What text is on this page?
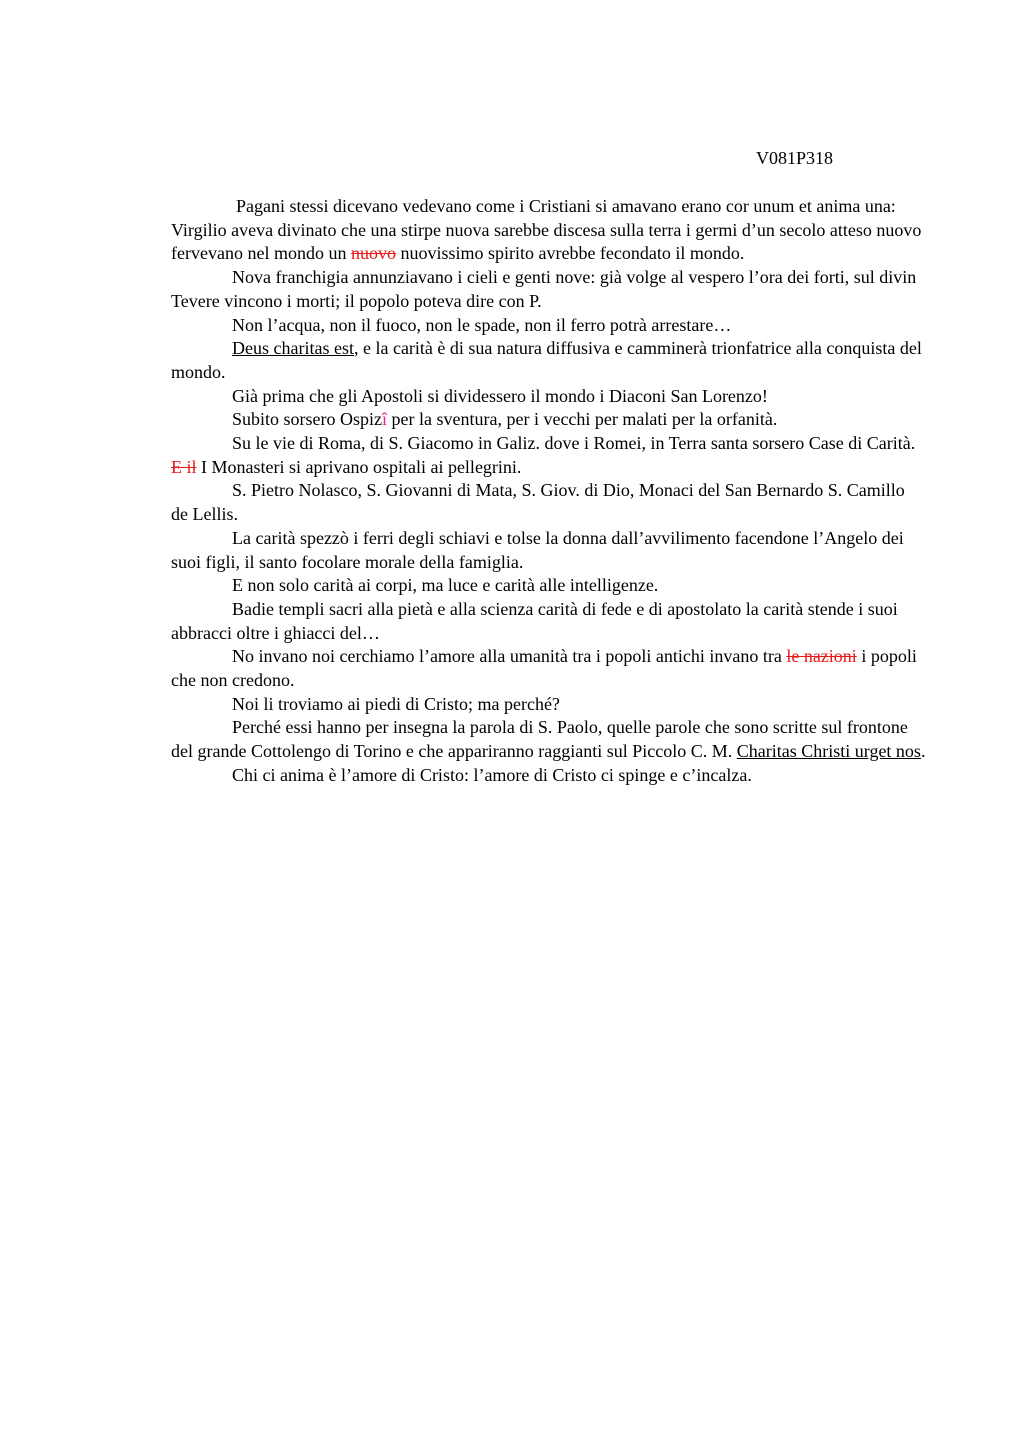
V081P318

Pagani stessi dicevano vedevano come i Cristiani si amavano erano cor unum et anima una: Virgilio aveva divinato che una stirpe nuova sarebbe discesa sulla terra i germi d’un secolo atteso nuovo fervevano nel mondo un nuovo nuovissimo spirito avrebbe fecondato il mondo.

Nova franchigia annunziavano i cieli e genti nove: già volge al vespero l’ora dei forti, sul divin Tevere vincono i morti; il popolo poteva dire con P.

Non l’acqua, non il fuoco, non le spade, non il ferro potrà arrestare…

Deus charitas est, e la carità è di sua natura diffusiva e camminerà trionfatrice alla conquista del mondo.

Già prima che gli Apostoli si dividessero il mondo i Diaconi San Lorenzo!

Subito sorsero Ospizî per la sventura, per i vecchi per malati per la orfanità.

Su le vie di Roma, di S. Giacomo in Galiz. dove i Romei, in Terra santa sorsero Case di Carità. E il I Monasteri si aprivano ospitali ai pellegrini.

S. Pietro Nolasco, S. Giovanni di Mata, S. Giov. di Dio, Monaci del San Bernardo S. Camillo de Lellis.

La carità spezzò i ferri degli schiavi e tolse la donna dall’avvilimento facendone l’Angelo dei suoi figli, il santo focolare morale della famiglia.

E non solo carità ai corpi, ma luce e carità alle intelligenze.

Badie templi sacri alla pietà e alla scienza carità di fede e di apostolato la carità stende i suoi abbracci oltre i ghiacci del…

No invano noi cerchiamo l’amore alla umanità tra i popoli antichi invano tra le nazioni i popoli che non credono.

Noi li troviamo ai piedi di Cristo; ma perché?

Perché essi hanno per insegna la parola di S. Paolo, quelle parole che sono scritte sul frontone del grande Cottolengo di Torino e che appariranno raggianti sul Piccolo C. M. Charitas Christi urget nos.

Chi ci anima è l’amore di Cristo: l’amore di Cristo ci spinge e c’incalza.
